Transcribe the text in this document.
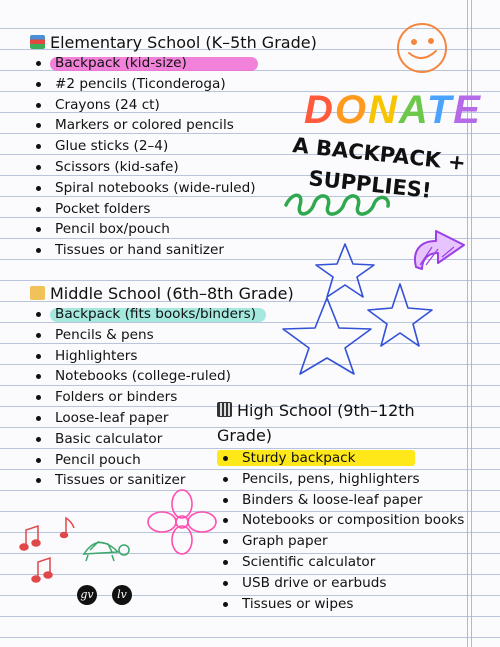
Elementary School (K–5th Grade)
Backpack (kid-size)
#2 pencils (Ticonderoga)
Crayons (24 ct)
Markers or colored pencils
Glue sticks (2–4)
Scissors (kid-safe)
Spiral notebooks (wide-ruled)
Pocket folders
Pencil box/pouch
Tissues or hand sanitizer
Middle School (6th–8th Grade)
Backpack (fits books/binders)
Pencils & pens
Highlighters
Notebooks (college-ruled)
Folders or binders
Loose-leaf paper
Basic calculator
Pencil pouch
Tissues or sanitizer
High School (9th–12th
Grade)
Sturdy backpack
Pencils, pens, highlighters
Binders & loose-leaf paper
Notebooks or composition books
Graph paper
Scientific calculator
USB drive or earbuds
Tissues or wipes
DONATE
A BACKPACK +
SUPPLIES!
gv	lv
